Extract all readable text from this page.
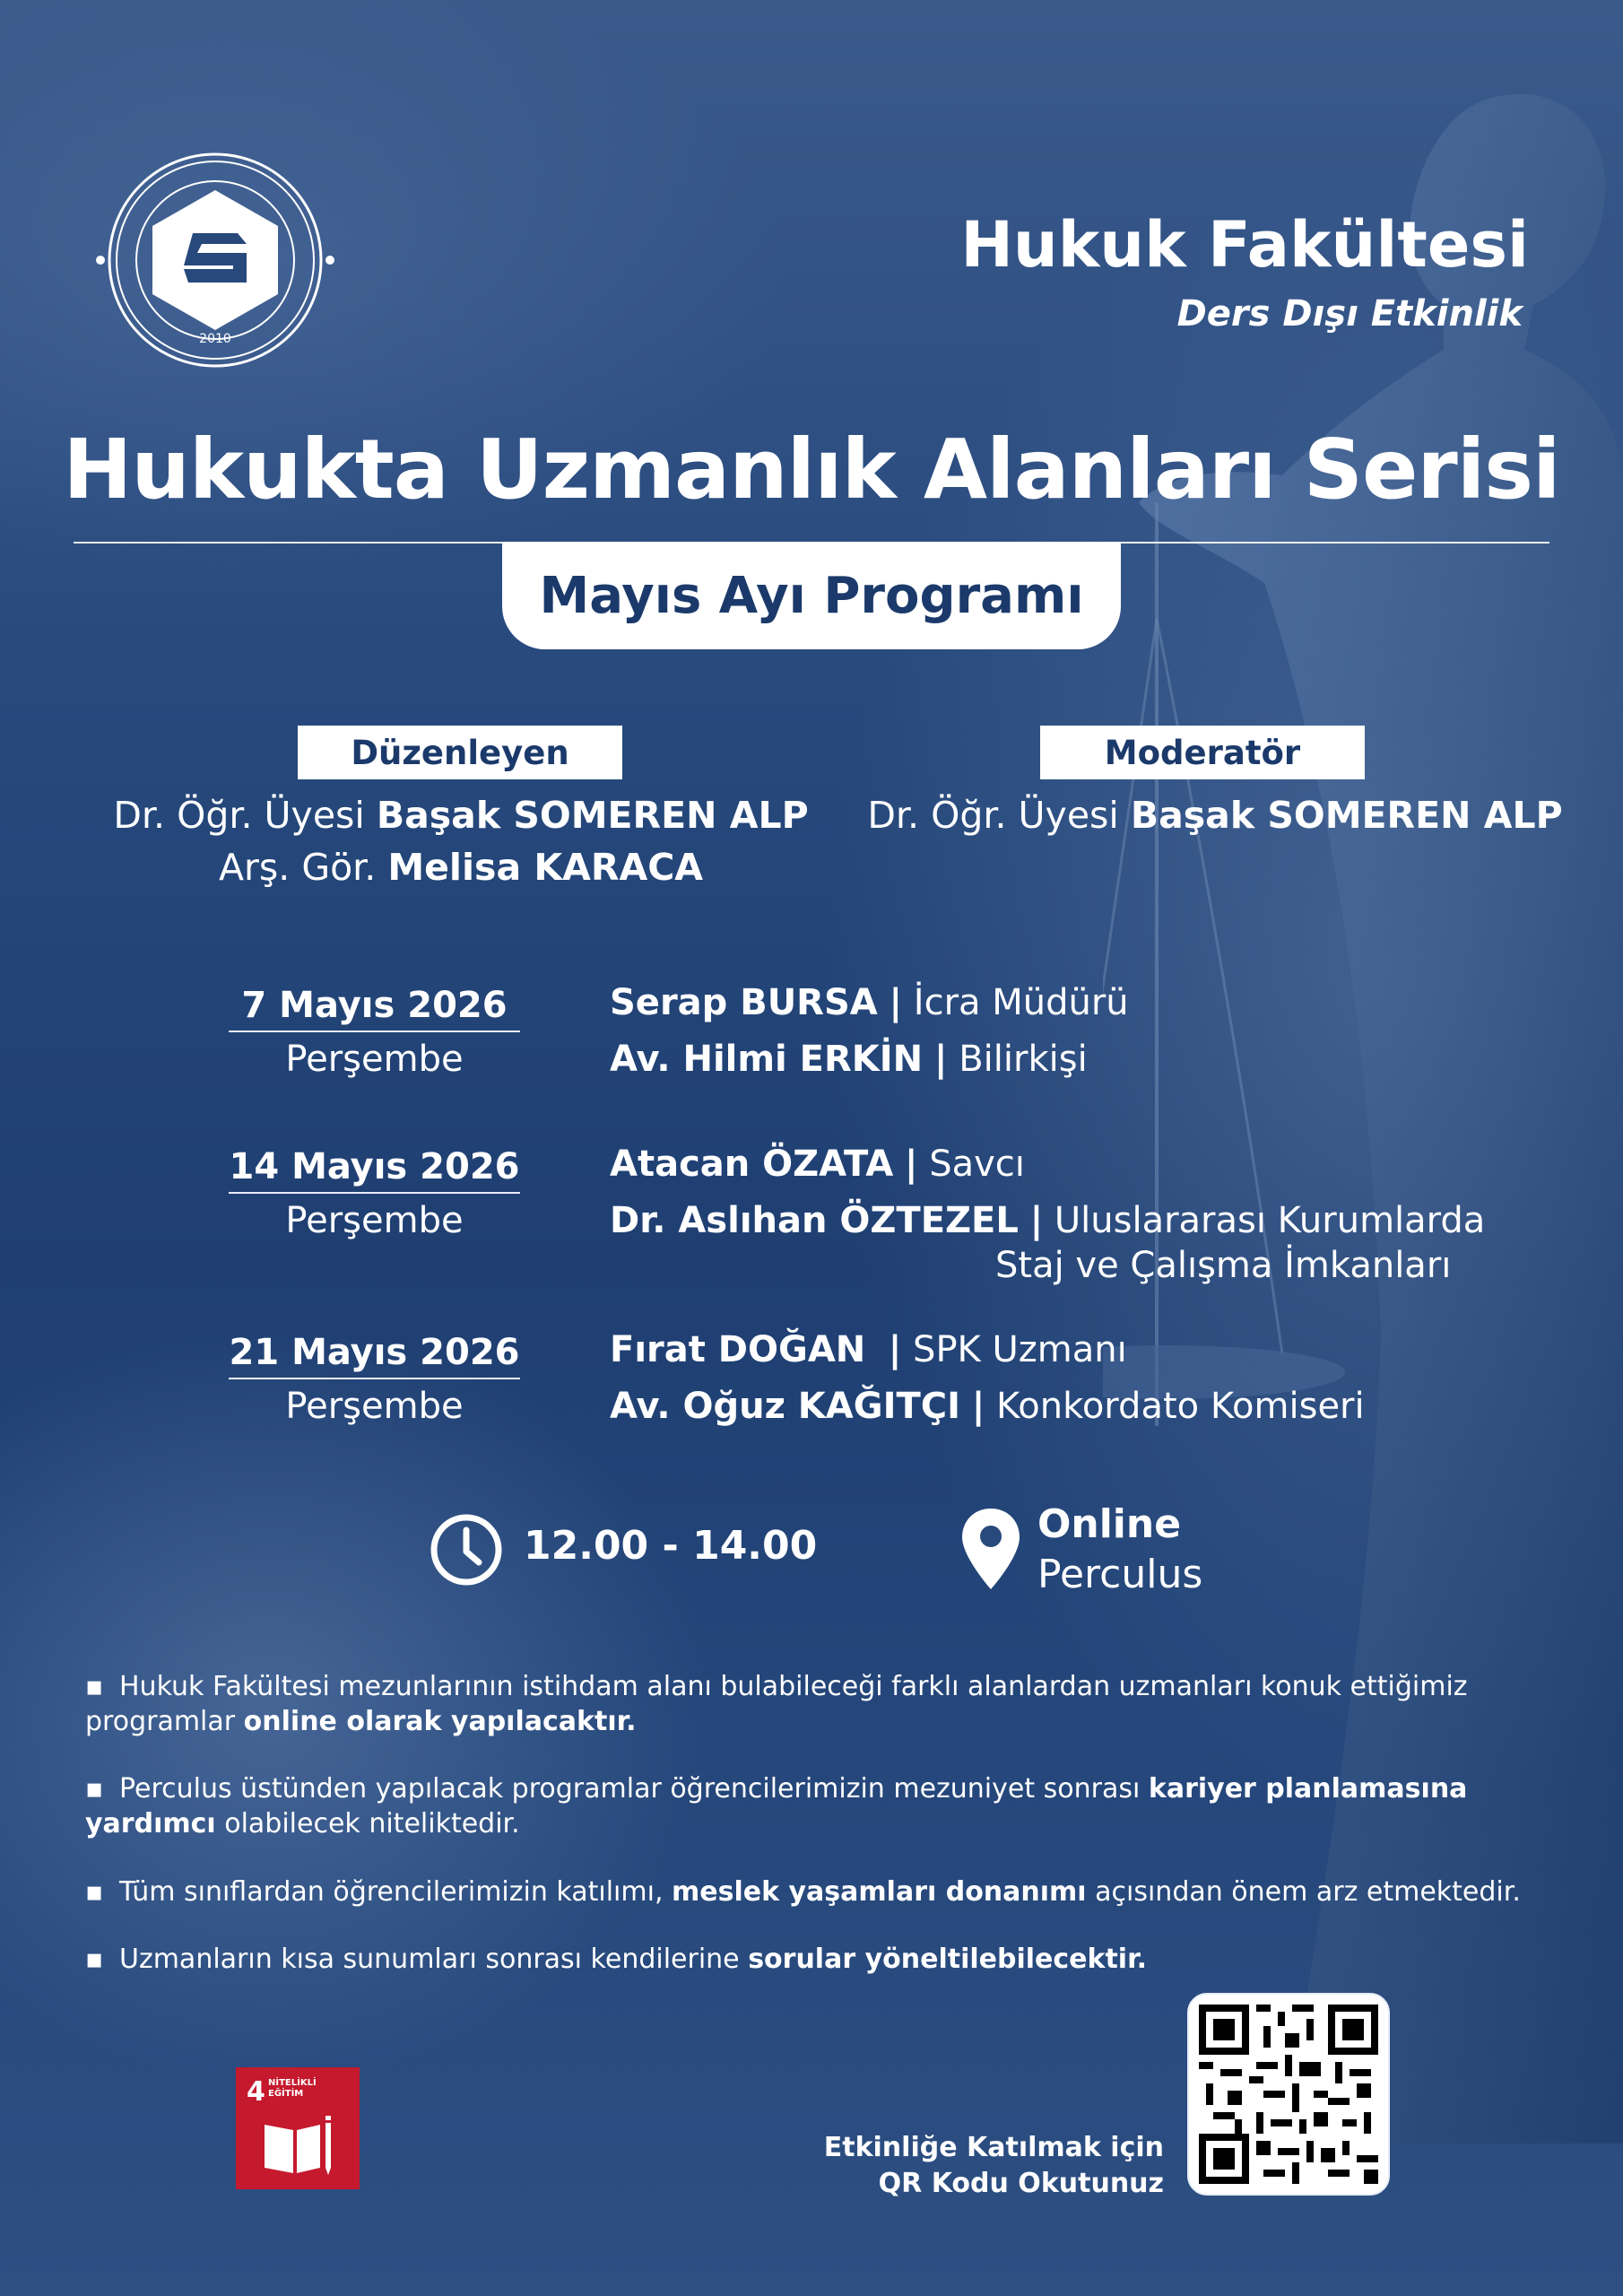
2010
Hukuk Fakültesi
Ders Dışı Etkinlik
Hukukta Uzmanlık Alanları Serisi
Mayıs Ayı Programı
Düzenleyen	Moderatör
Dr. Öğr. Üyesi Başak SOMEREN ALP
Arş. Gör. Melisa KARACA
Dr. Öğr. Üyesi Başak SOMEREN ALP
7 Mayıs 2026
Perşembe
Serap BURSA | İcra Müdürü
Av. Hilmi ERKİN | Bilirkişi
14 Mayıs 2026
Perşembe
Atacan ÖZATA | Savcı
Dr. Aslıhan ÖZTEZEL | Uluslararası Kurumlarda
Staj ve Çalışma İmkanları
21 Mayıs 2026
Perşembe
Fırat DOĞAN | SPK Uzmanı
Av. Oğuz KAĞITÇI | Konkordato Komiseri
12.00 - 14.00	Online
Perculus
▪ Hukuk Fakültesi mezunlarının istihdam alanı bulabileceği farklı alanlardan uzmanları konuk ettiğimiz programlar online olarak yapılacaktır.
▪ Perculus üstünden yapılacak programlar öğrencilerimizin mezuniyet sonrası kariyer planlamasına yardımcı olabilecek niteliktedir.
▪ Tüm sınıflardan öğrencilerimizin katılımı, meslek yaşamları donanımı açısından önem arz etmektedir.
▪ Uzmanların kısa sunumları sonrası kendilerine sorular yöneltilebilecektir.
4 NİTELİKLİ
EĞİTİM
Etkinliğe Katılmak için
QR Kodu Okutunuz
